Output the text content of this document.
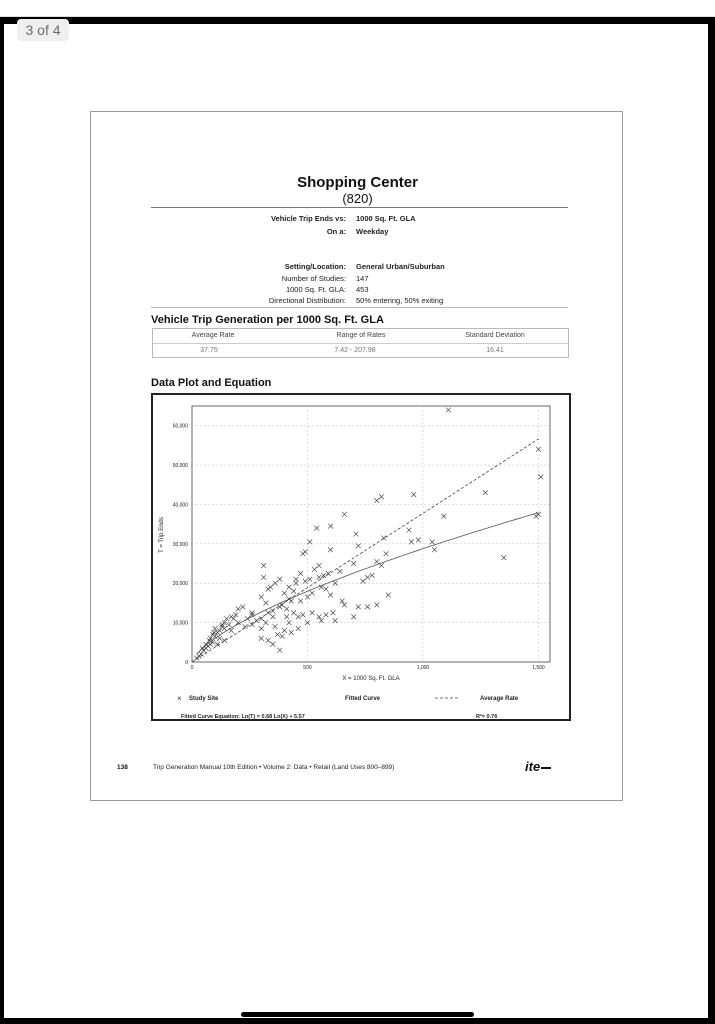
3 of 4
Shopping Center
(820)
Vehicle Trip Ends vs: 1000 Sq. Ft. GLA
On a: Weekday
Setting/Location: General Urban/Suburban
Number of Studies: 147
1000 Sq. Ft. GLA: 453
Directional Distribution: 50% entering, 50% exiting
Vehicle Trip Generation per 1000 Sq. Ft. GLA
Average Rate	Range of Rates	Standard Deviation
37.75	7.42 - 207.98	16.41
Data Plot and Equation
0
10,000
20,000
30,000
40,000
50,000
60,000
0	500	1,000	1,500
T = Trip Ends
X = 1000 Sq. Ft. GLA
× Study Site	Fitted Curve	Average Rate
Fitted Curve Equation: Ln(T) = 0.68 Ln(X) + 5.57	R²= 0.76
138	Trip Generation Manual 10th Edition • Volume 2: Data • Retail (Land Uses 800–899)	ite
